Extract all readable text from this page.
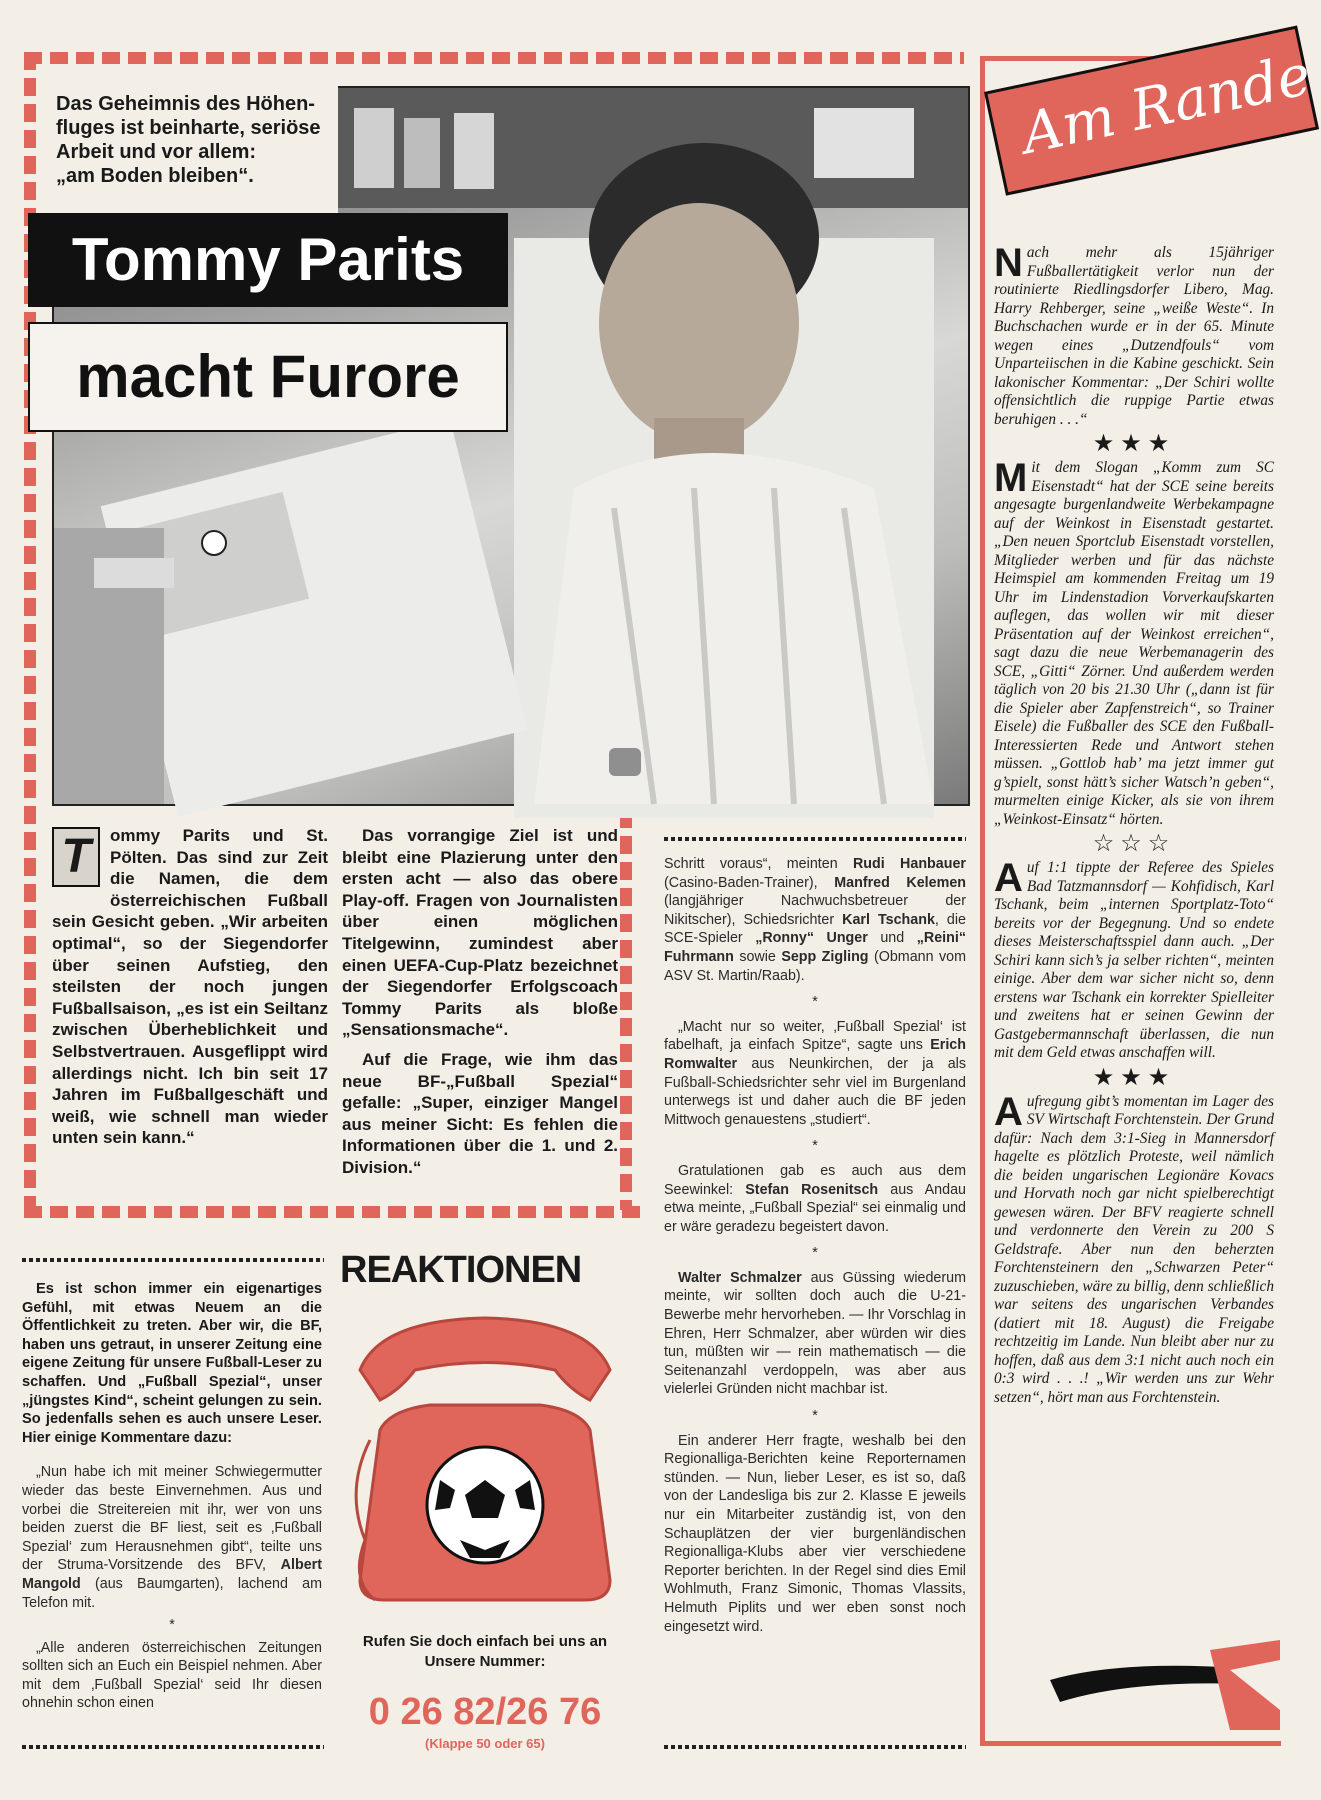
Das Geheimnis des Höhen-
fluges ist beinharte, seriöse
Arbeit und vor allem:
„am Boden bleiben“.
Tommy Parits
macht Furore
T	ommy Parits und St. Pölten. Das sind zur Zeit die Namen, die dem österreichischen Fußball sein Gesicht geben. „Wir arbeiten optimal“, so der Siegendorfer über seinen Aufstieg, den steilsten der noch jungen Fußballsaison, „es ist ein Seiltanz zwischen Überheblichkeit und Selbstvertrauen. Ausgeflippt wird allerdings nicht. Ich bin seit 17 Jahren im Fußballgeschäft und weiß, wie schnell man wieder unten sein kann.“

Das vorrangige Ziel ist und bleibt eine Plazierung unter den ersten acht — also das obere Play-off. Fragen von Journalisten über einen möglichen Titelgewinn, zumindest aber einen UEFA-Cup-Platz bezeichnet der Siegendorfer Erfolgscoach Tommy Parits als bloße „Sensationsmache“.

Auf die Frage, wie ihm das neue BF-„Fußball Spezial“ gefalle: „Super, einziger Mangel aus meiner Sicht: Es fehlen die Informationen über die 1. und 2. Division.“

REAKTIONEN

Es ist schon immer ein eigenartiges Gefühl, mit etwas Neuem an die Öffentlichkeit zu treten. Aber wir, die BF, haben uns getraut, in unserer Zeitung eine eigene Zeitung für unsere Fußball-Leser zu schaffen. Und „Fußball Spezial“, unser „jüngstes Kind“, scheint gelungen zu sein. So jedenfalls sehen es auch unsere Leser. Hier einige Kommentare dazu:

„Nun habe ich mit meiner Schwiegermutter wieder das beste Einvernehmen. Aus und vorbei die Streitereien mit ihr, wer von uns beiden zuerst die BF liest, seit es ‚Fußball Spezial‘ zum Herausnehmen gibt“, teilte uns der Struma-Vorsitzende des BFV, Albert Mangold (aus Baumgarten), lachend am Telefon mit.

*

„Alle anderen österreichischen Zeitungen sollten sich an Euch ein Beispiel nehmen. Aber mit dem ‚Fußball Spezial‘ seid Ihr diesen ohnehin schon einen

Rufen Sie doch einfach bei uns an Unsere Nummer:
0 26 82/26 76
(Klappe 50 oder 65)

Schritt voraus“, meinten Rudi Hanbauer (Casino-Baden-Trainer), Manfred Kelemen (langjähriger Nachwuchsbetreuer der Nikitscher), Schiedsrichter Karl Tschank, die SCE-Spieler „Ronny“ Unger und „Reini“ Fuhrmann sowie Sepp Zigling (Obmann vom ASV St. Martin/Raab).

*

„Macht nur so weiter, ‚Fußball Spezial‘ ist fabelhaft, ja einfach Spitze“, sagte uns Erich Romwalter aus Neunkirchen, der ja als Fußball-Schiedsrichter sehr viel im Burgenland unterwegs ist und daher auch die BF jeden Mittwoch genauestens „studiert“.

*

Gratulationen gab es auch aus dem Seewinkel: Stefan Rosenitsch aus Andau etwa meinte, „Fußball Spezial“ sei einmalig und er wäre geradezu begeistert davon.

*

Walter Schmalzer aus Güssing wiederum meinte, wir sollten doch auch die U-21-Bewerbe mehr hervorheben. — Ihr Vorschlag in Ehren, Herr Schmalzer, aber würden wir dies tun, müßten wir — rein mathematisch — die Seitenanzahl verdoppeln, was aber aus vielerlei Gründen nicht machbar ist.

*

Ein anderer Herr fragte, weshalb bei den Regionalliga-Berichten keine Reporternamen stünden. — Nun, lieber Leser, es ist so, daß von der Landesliga bis zur 2. Klasse E jeweils nur ein Mitarbeiter zuständig ist, von den Schauplätzen der vier burgenländischen Regionalliga-Klubs aber vier verschiedene Reporter berichten. In der Regel sind dies Emil Wohlmuth, Franz Simonic, Thomas Vlassits, Helmuth Piplits und wer eben sonst noch eingesetzt wird.

Am Rande

Nach mehr als 15jähriger Fußballertätigkeit verlor nun der routinierte Riedlingsdorfer Libero, Mag. Harry Rehberger, seine „weiße Weste“. In Buchschachen wurde er in der 65. Minute wegen eines „Dutzendfouls“ vom Unparteiischen in die Kabine geschickt. Sein lakonischer Kommentar: „Der Schiri wollte offensichtlich die ruppige Partie etwas beruhigen . . .“

★★★

Mit dem Slogan „Komm zum SC Eisenstadt“ hat der SCE seine bereits angesagte burgenlandweite Werbekampagne auf der Weinkost in Eisenstadt gestartet. „Den neuen Sportclub Eisenstadt vorstellen, Mitglieder werben und für das nächste Heimspiel am kommenden Freitag um 19 Uhr im Lindenstadion Vorverkaufskarten auflegen, das wollen wir mit dieser Präsentation auf der Weinkost erreichen“, sagt dazu die neue Werbemanagerin des SCE, „Gitti“ Zörner. Und außerdem werden täglich von 20 bis 21.30 Uhr („dann ist für die Spieler aber Zapfenstreich“, so Trainer Eisele) die Fußballer des SCE den Fußball-Interessierten Rede und Antwort stehen müssen. „Gottlob hab’ ma jetzt immer gut g’spielt, sonst hätt’s sicher Watsch’n geben“, murmelten einige Kicker, als sie von ihrem „Weinkost-Einsatz“ hörten.

☆☆☆

Auf 1:1 tippte der Referee des Spieles Bad Tatzmannsdorf — Kohfidisch, Karl Tschank, beim „internen Sportplatz-Toto“ bereits vor der Begegnung. Und so endete dieses Meisterschaftsspiel dann auch. „Der Schiri kann sich’s ja selber richten“, meinten einige. Aber dem war sicher nicht so, denn erstens war Tschank ein korrekter Spielleiter und zweitens hat er seinen Gewinn der Gastgebermannschaft überlassen, die nun mit dem Geld etwas anschaffen will.

★★★

Aufregung gibt’s momentan im Lager des SV Wirtschaft Forchtenstein. Der Grund dafür: Nach dem 3:1-Sieg in Mannersdorf hagelte es plötzlich Proteste, weil nämlich die beiden ungarischen Legionäre Kovacs und Horvath noch gar nicht spielberechtigt gewesen wären. Der BFV reagierte schnell und verdonnerte den Verein zu 200 S Geldstrafe. Aber nun den beherzten Forchtensteinern den „Schwarzen Peter“ zuzuschieben, wäre zu billig, denn schließlich war seitens des ungarischen Verbandes (datiert mit 18. August) die Freigabe rechtzeitig im Lande. Nun bleibt aber nur zu hoffen, daß aus dem 3:1 nicht auch noch ein 0:3 wird . . .! „Wir werden uns zur Wehr setzen“, hört man aus Forchtenstein.
